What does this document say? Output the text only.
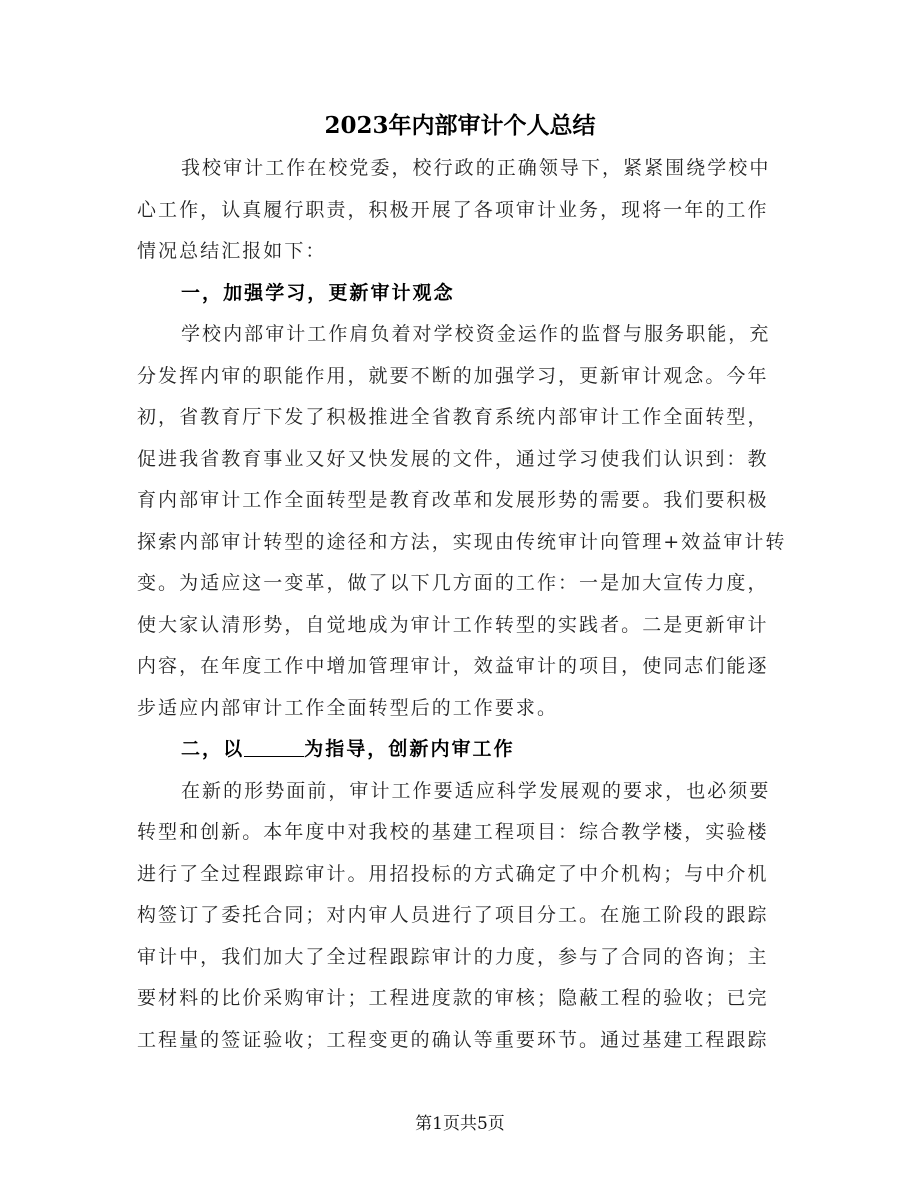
2023年内部审计个人总结
我校审计工作在校党委，校行政的正确领导下，紧紧围绕学校中
心工作，认真履行职责，积极开展了各项审计业务，现将一年的工作
情况总结汇报如下：
一，加强学习，更新审计观念
学校内部审计工作肩负着对学校资金运作的监督与服务职能，充
分发挥内审的职能作用，就要不断的加强学习，更新审计观念。今年
初，省教育厅下发了积极推进全省教育系统内部审计工作全面转型，
促进我省教育事业又好又快发展的文件，通过学习使我们认识到：教
育内部审计工作全面转型是教育改革和发展形势的需要。我们要积极
探索内部审计转型的途径和方法，实现由传统审计向管理+效益审计转
变。为适应这一变革，做了以下几方面的工作：一是加大宣传力度，
使大家认清形势，自觉地成为审计工作转型的实践者。二是更新审计
内容，在年度工作中增加管理审计，效益审计的项目，使同志们能逐
步适应内部审计工作全面转型后的工作要求。
二，以	为指导，创新内审工作
在新的形势面前，审计工作要适应科学发展观的要求，也必须要
转型和创新。本年度中对我校的基建工程项目：综合教学楼，实验楼
进行了全过程跟踪审计。用招投标的方式确定了中介机构；与中介机
构签订了委托合同；对内审人员进行了项目分工。在施工阶段的跟踪
审计中，我们加大了全过程跟踪审计的力度，参与了合同的咨询；主
要材料的比价采购审计；工程进度款的审核；隐蔽工程的验收；已完
工程量的签证验收；工程变更的确认等重要环节。通过基建工程跟踪
第1页共5页
